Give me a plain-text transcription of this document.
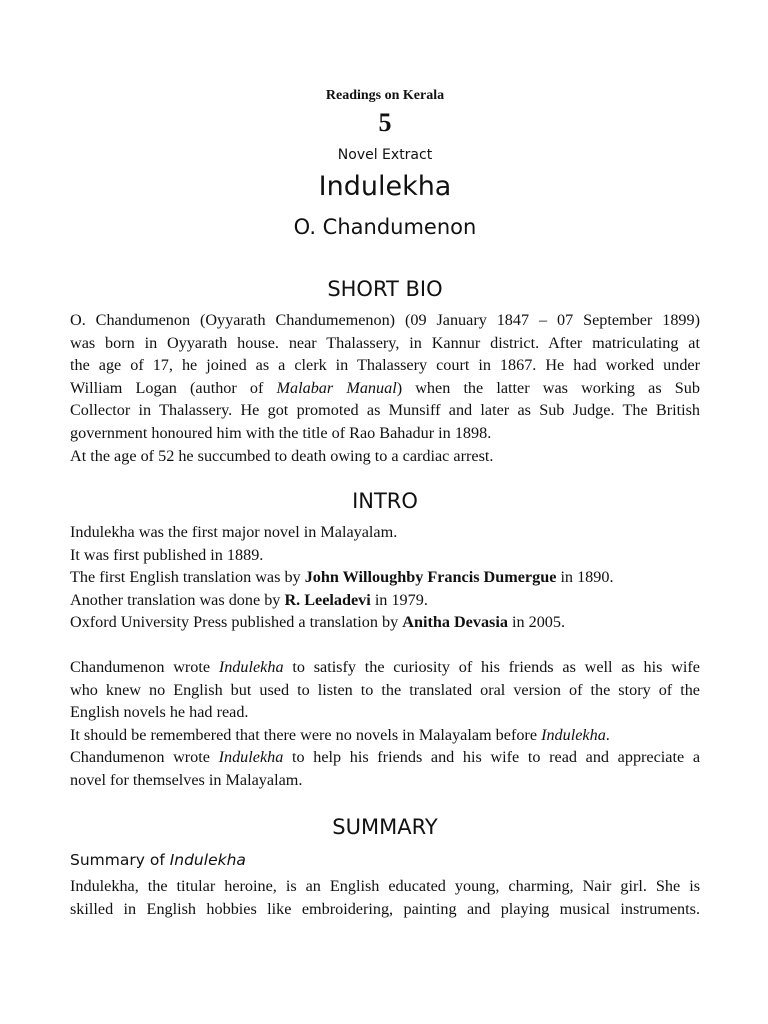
Readings on Kerala
5
Novel Extract
Indulekha
O. Chandumenon
SHORT BIO
O. Chandumenon (Oyyarath Chandumemenon) (09 January 1847 – 07 September 1899)
was born in Oyyarath house. near Thalassery, in Kannur district. After matriculating at
the age of 17, he joined as a clerk in Thalassery court in 1867. He had worked under
William Logan (author of Malabar Manual) when the latter was working as Sub
Collector in Thalassery. He got promoted as Munsiff and later as Sub Judge. The British
government honoured him with the title of Rao Bahadur in 1898.
At the age of 52 he succumbed to death owing to a cardiac arrest.
INTRO
Indulekha was the first major novel in Malayalam.
It was first published in 1889.
The first English translation was by John Willoughby Francis Dumergue in 1890.
Another translation was done by R. Leeladevi in 1979.
Oxford University Press published a translation by Anitha Devasia in 2005.
Chandumenon wrote Indulekha to satisfy the curiosity of his friends as well as his wife
who knew no English but used to listen to the translated oral version of the story of the
English novels he had read.
It should be remembered that there were no novels in Malayalam before Indulekha.
Chandumenon wrote Indulekha to help his friends and his wife to read and appreciate a
novel for themselves in Malayalam.
SUMMARY
Summary of Indulekha
Indulekha, the titular heroine, is an English educated young, charming, Nair girl. She is
skilled in English hobbies like embroidering, painting and playing musical instruments.
